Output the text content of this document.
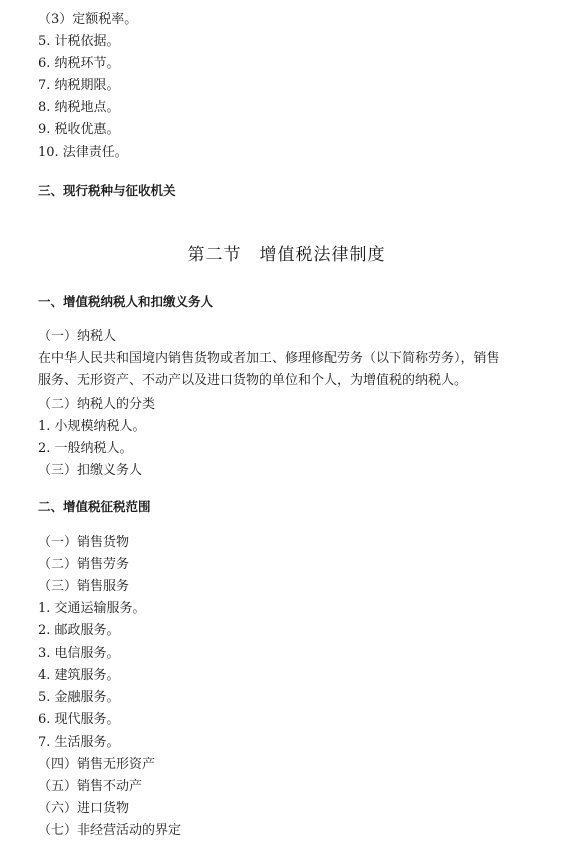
（3）定额税率。
5. 计税依据。
6. 纳税环节。
7. 纳税期限。
8. 纳税地点。
9. 税收优惠。
10. 法律责任。
三、现行税种与征收机关
第二节　增值税法律制度
一、增值税纳税人和扣缴义务人
（一）纳税人
在中华人民共和国境内销售货物或者加工、修理修配劳务（以下简称劳务），销售
服务、无形资产、不动产以及进口货物的单位和个人，为增值税的纳税人。
（二）纳税人的分类
1. 小规模纳税人。
2. 一般纳税人。
（三）扣缴义务人
二、增值税征税范围
（一）销售货物
（二）销售劳务
（三）销售服务
1. 交通运输服务。
2. 邮政服务。
3. 电信服务。
4. 建筑服务。
5. 金融服务。
6. 现代服务。
7. 生活服务。
（四）销售无形资产
（五）销售不动产
（六）进口货物
（七）非经营活动的界定
